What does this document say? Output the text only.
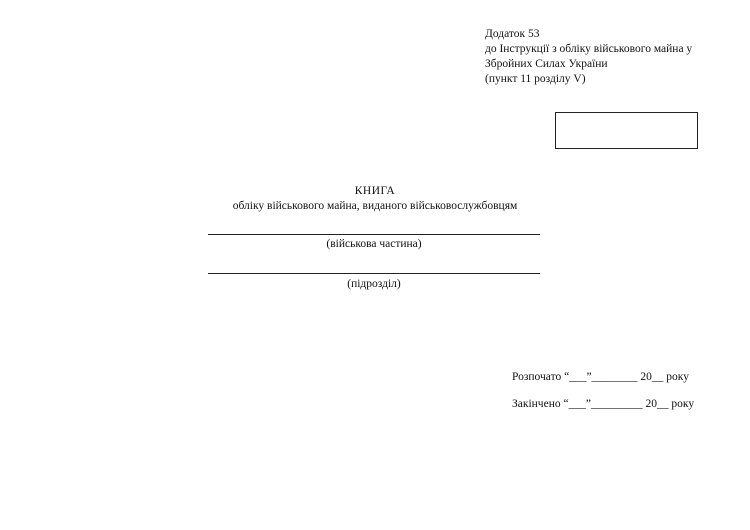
Додаток 53
до Інструкції з обліку військового майна у
Збройних Силах України
(пункт 11 розділу V)
КНИГА
обліку військового майна, виданого військовослужбовцям
(військова частина)
(підрозділ)
Розпочато “___”________ 20__ року
Закінчено “___”_________ 20__ року
